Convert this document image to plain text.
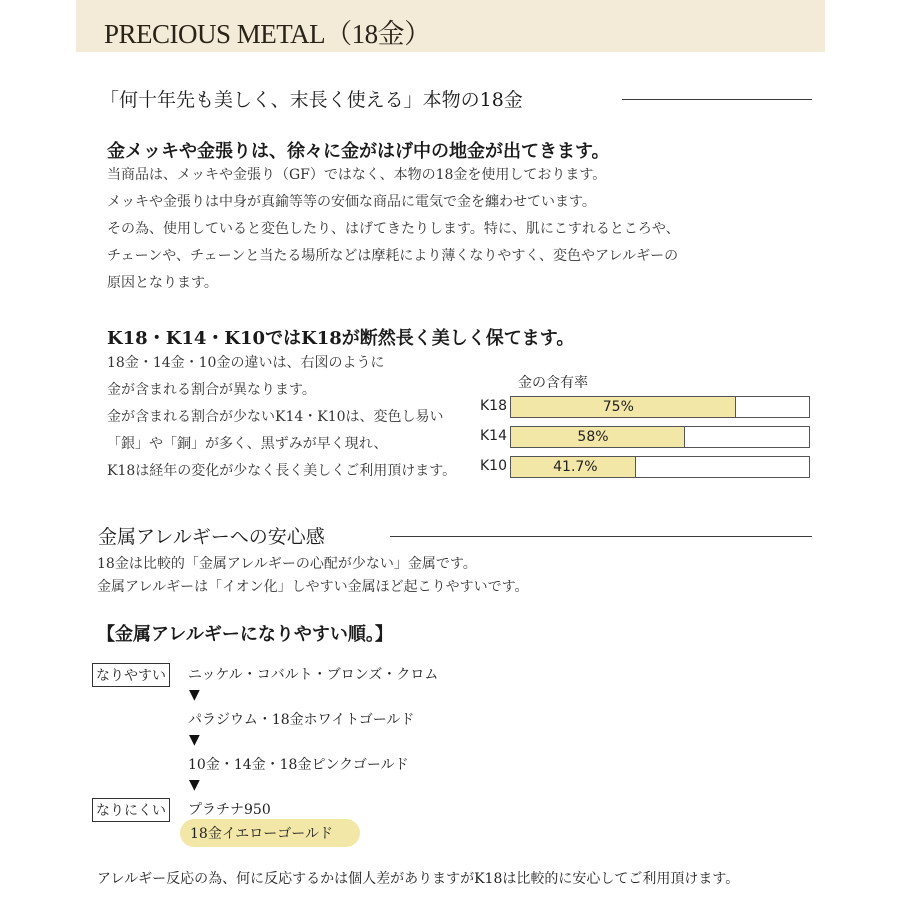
PRECIOUS METAL（18金）
「何十年先も美しく、末長く使える」本物の18金
金メッキや金張りは、徐々に金がはげ中の地金が出てきます。
当商品は、メッキや金張り（GF）ではなく、本物の18金を使用しております。
メッキや金張りは中身が真鍮等等の安価な商品に電気で金を纏わせています。
その為、使用していると変色したり、はげてきたりします。特に、肌にこすれるところや、
チェーンや、チェーンと当たる場所などは摩耗により薄くなりやすく、変色やアレルギーの
原因となります。
K18・K14・K10ではK18が断然長く美しく保てます。
18金・14金・10金の違いは、右図のように
金が含まれる割合が異なります。
金が含まれる割合が少ないK14・K10は、変色し易い
「銀」や「銅」が多く、黒ずみが早く現れ、
K18は経年の変化が少なく長く美しくご利用頂けます。
金の含有率
K18	75%
K14	58%
K10	41.7%
金属アレルギーへの安心感
18金は比較的「金属アレルギーの心配が少ない」金属です。
金属アレルギーは「イオン化」しやすい金属ほど起こりやすいです。
【金属アレルギーになりやすい順。】
なりやすい ニッケル・コバルト・ブロンズ・クロム
▼
パラジウム・18金ホワイトゴールド
▼
10金・14金・18金ピンクゴールド
▼
なりにくい プラチナ950
18金イエローゴールド
アレルギー反応の為、何に反応するかは個人差がありますがK18は比較的に安心してご利用頂けます。
